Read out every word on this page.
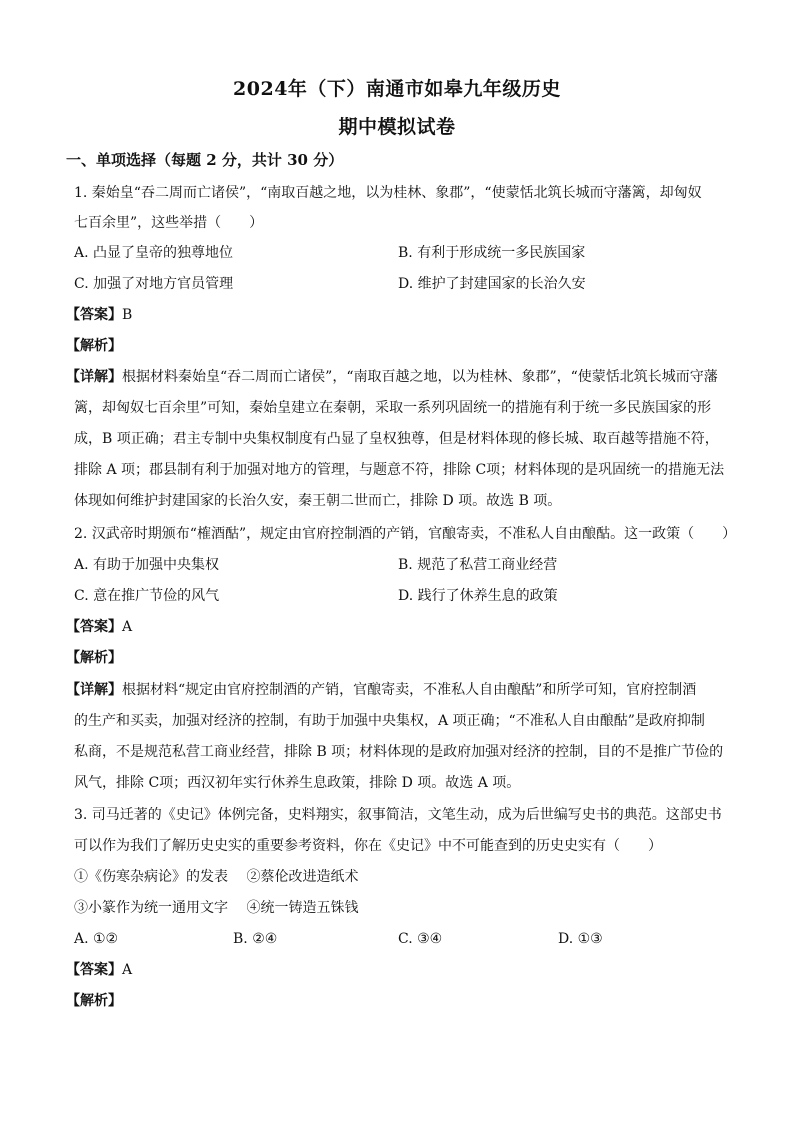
2024年（下）南通市如皋九年级历史
期中模拟试卷
一、单项选择（每题 2 分，共计 30 分）
1. 秦始皇“吞二周而亡诸侯”，“南取百越之地，以为桂林、象郡”，“使蒙恬北筑长城而守藩篱，却匈奴
七百余里”，这些举措（　　）
A. 凸显了皇帝的独尊地位	B. 有利于形成统一多民族国家
C. 加强了对地方官员管理	D. 维护了封建国家的长治久安
【答案】B
【解析】
【详解】根据材料秦始皇“吞二周而亡诸侯”，“南取百越之地，以为桂林、象郡”，“使蒙恬北筑长城而守藩
篱，却匈奴七百余里”可知，秦始皇建立在秦朝，采取一系列巩固统一的措施有利于统一多民族国家的形
成，B 项正确；君主专制中央集权制度有凸显了皇权独尊，但是材料体现的修长城、取百越等措施不符，
排除 A 项；郡县制有利于加强对地方的管理，与题意不符，排除 C项；材料体现的是巩固统一的措施无法
体现如何维护封建国家的长治久安，秦王朝二世而亡，排除 D 项。故选 B 项。
2. 汉武帝时期颁布“榷酒酤”，规定由官府控制酒的产销，官酿寄卖，不准私人自由酿酤。这一政策（　　）
A. 有助于加强中央集权	B. 规范了私营工商业经营
C. 意在推广节俭的风气	D. 践行了休养生息的政策
【答案】A
【解析】
【详解】根据材料“规定由官府控制酒的产销，官酿寄卖，不准私人自由酿酤”和所学可知，官府控制酒
的生产和买卖，加强对经济的控制，有助于加强中央集权，A 项正确；“不准私人自由酿酤”是政府抑制
私商，不是规范私营工商业经营，排除 B 项；材料体现的是政府加强对经济的控制，目的不是推广节俭的
风气，排除 C项；西汉初年实行休养生息政策，排除 D 项。故选 A 项。
3. 司马迁著的《史记》体例完备，史料翔实，叙事简洁，文笔生动，成为后世编写史书的典范。这部史书
可以作为我们了解历史史实的重要参考资料，你在《史记》中不可能查到的历史史实有（　　）
①《伤寒杂病论》的发表　 ②蔡伦改进造纸术
③小篆作为统一通用文字　 ④统一铸造五铢钱
A. ①②	B. ②④	C. ③④	D. ①③
【答案】A
【解析】
